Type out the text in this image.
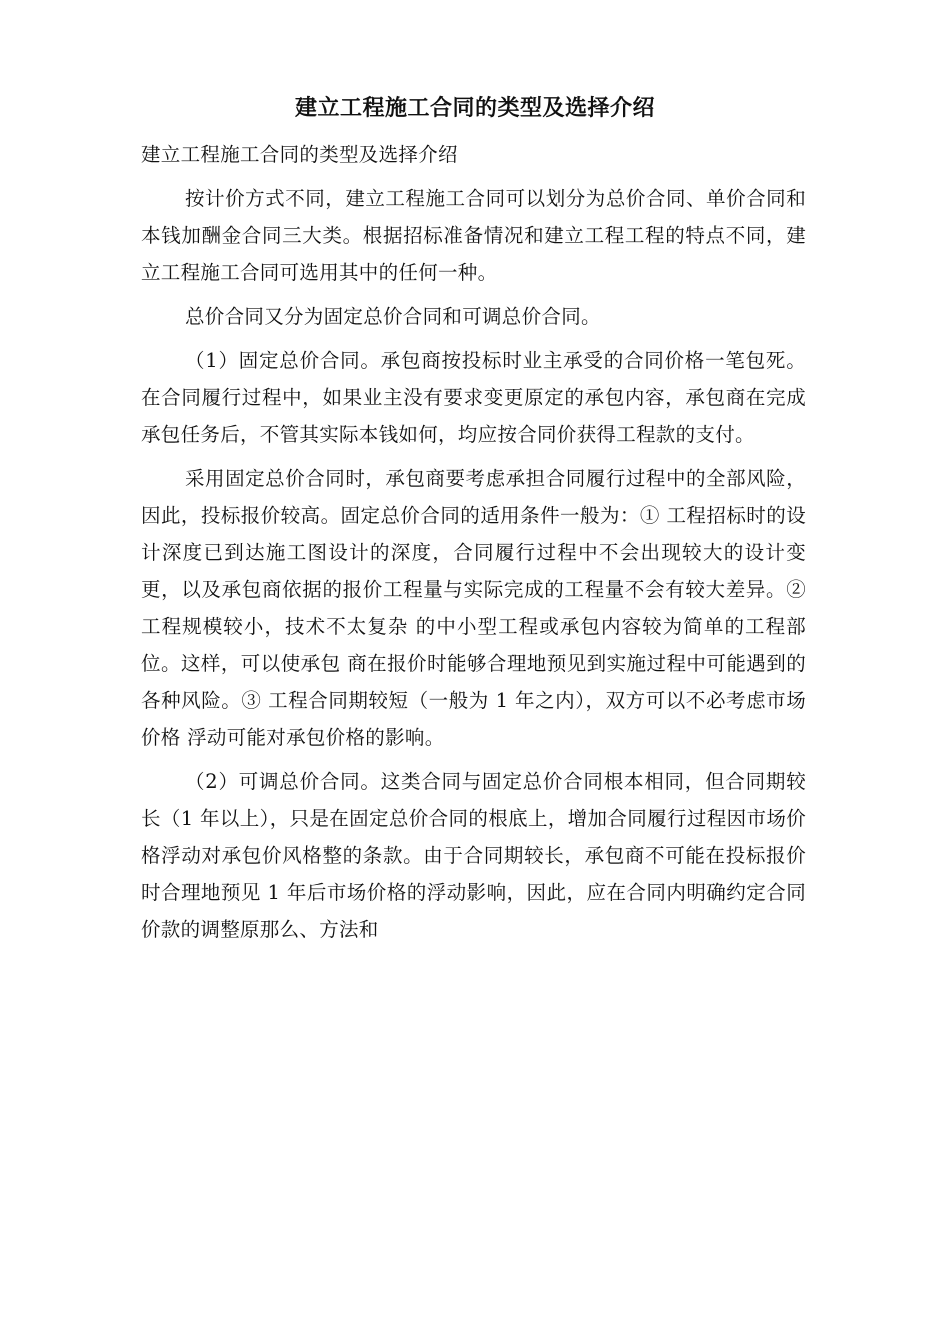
建立工程施工合同的类型及选择介绍

建立工程施工合同的类型及选择介绍

按计价方式不同，建立工程施工合同可以划分为总价合同、单价合同和本钱加酬金合同三大类。根据招标准备情况和建立工程工程的特点不同，建立工程施工合同可选用其中的任何一种。

总价合同又分为固定总价合同和可调总价合同。

（1）固定总价合同。承包商按投标时业主承受的合同价格一笔包死。在合同履行过程中，如果业主没有要求变更原定的承包内容，承包商在完成承包任务后，不管其实际本钱如何，均应按合同价获得工程款的支付。

采用固定总价合同时，承包商要考虑承担合同履行过程中的全部风险，因此，投标报价较高。固定总价合同的适用条件一般为：① 工程招标时的设计深度已到达施工图设计的深度，合同履行过程中不会出现较大的设计变更，以及承包商依据的报价工程量与实际完成的工程量不会有较大差异。②工程规模较小，技术不太复杂 的中小型工程或承包内容较为简单的工程部位。这样，可以使承包 商在报价时能够合理地预见到实施过程中可能遇到的各种风险。③ 工程合同期较短（一般为 1 年之内），双方可以不必考虑市场价格 浮动可能对承包价格的影响。

（2）可调总价合同。这类合同与固定总价合同根本相同，但合同期较长（1 年以上），只是在固定总价合同的根底上，增加合同履行过程因市场价格浮动对承包价风格整的条款。由于合同期较长，承包商不可能在投标报价时合理地预见 1 年后市场价格的浮动影响，因此，应在合同内明确约定合同价款的调整原那么、方法和
